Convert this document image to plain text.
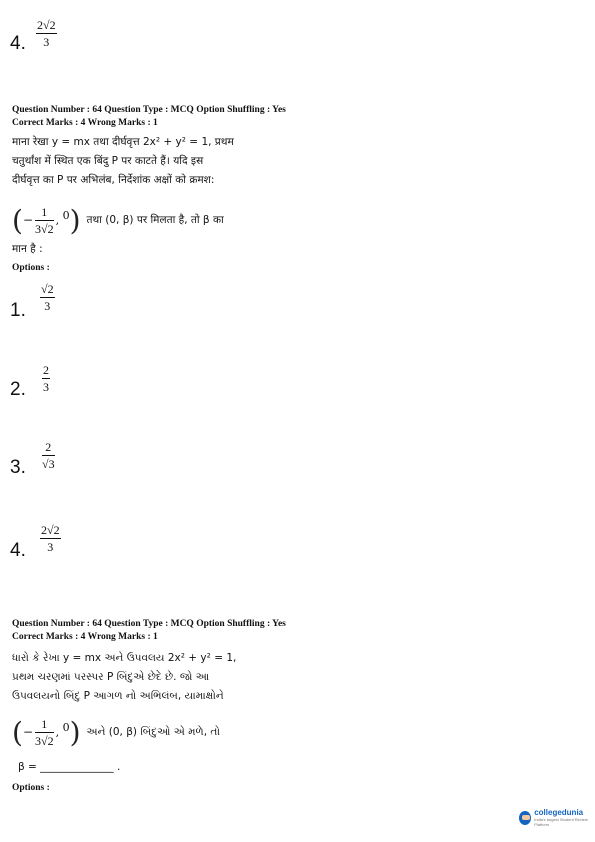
4.
2√2
3
Question Number : 64 Question Type : MCQ Option Shuffling : Yes
Correct Marks : 4 Wrong Marks : 1
माना रेखा y = mx तथा दीर्घवृत्त 2x² + y² = 1, प्रथम
चतुर्थांश में स्थित एक बिंदु P पर काटते हैं। यदि इस
दीर्घवृत्त का P पर अभिलंब, निर्देशांक अक्षों को क्रमश:
( − $\frac{1}{3√2}$ , 0 ) तथा (0, β) पर मिलता है, तो β का
मान है :
Options :
1.
√2
3
2.
2
3
3.
2
√3
4.
2√2
3
Question Number : 64 Question Type : MCQ Option Shuffling : Yes
Correct Marks : 4 Wrong Marks : 1
ધારો કે રેખા y = mx અને ઉપવલય 2x² + y² = 1,
પ્રથમ ચરણમાં પરસ્પર P બિંદુએ છેદે છે. જો આ
ઉપવલયનો બિંદુ P આગળ નો અભિલંબ, યામાક્ષોને
( − $\frac{1}{3√2}$ , 0 ) અને (0, β) બિંદુઓ એ મળે, તો
β = ______________ .
Options :
collegedunia
India's largest Student Review Platform
